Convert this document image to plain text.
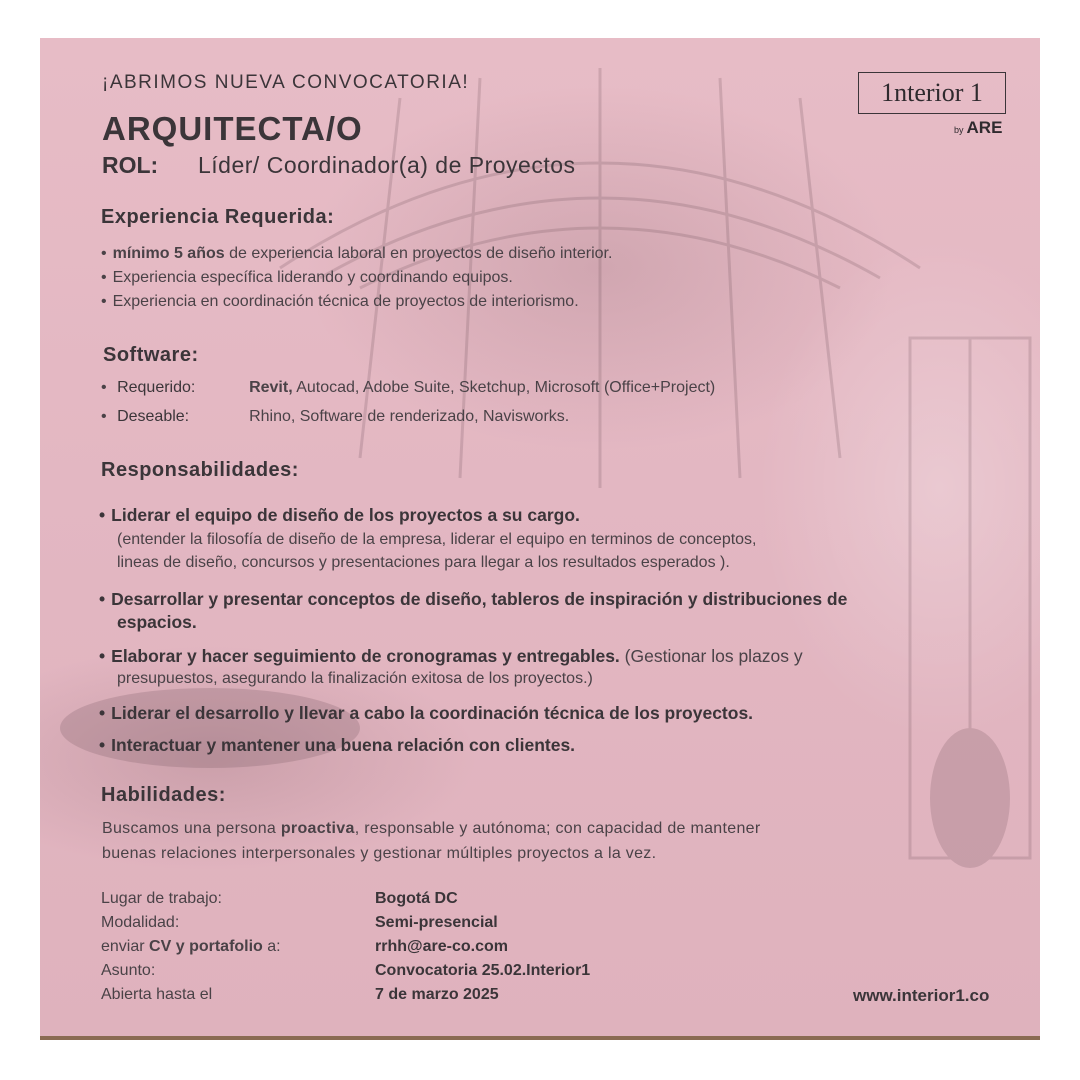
¡ABRIMOS NUEVA CONVOCATORIA!
ARQUITECTA/O
ROL: Líder/ Coordinador(a) de Proyectos
1nterior 1
by ARE
Experiencia Requerida:
• mínimo 5 años de experiencia laboral en proyectos de diseño interior.
• Experiencia específica liderando y coordinando equipos.
• Experiencia en coordinación técnica de proyectos de interiorismo.
Software:
• Requerido:	Revit, Autocad, Adobe Suite, Sketchup, Microsoft (Office+Project)
• Deseable:	Rhino, Software de renderizado, Navisworks.
Responsabilidades:
• Liderar el equipo de diseño de los proyectos a su cargo.
(entender la filosofía de diseño de la empresa, liderar el equipo en terminos de conceptos,
lineas de diseño, concursos y presentaciones para llegar a los resultados esperados ).
• Desarrollar y presentar conceptos de diseño, tableros de inspiración y distribuciones de
espacios.
• Elaborar y hacer seguimiento de cronogramas y entregables. (Gestionar los plazos y
presupuestos, asegurando la finalización exitosa de los proyectos.)
• Liderar el desarrollo y llevar a cabo la coordinación técnica de los proyectos.
• Interactuar y mantener una buena relación con clientes.
Habilidades:
Buscamos una persona proactiva, responsable y autónoma; con capacidad de mantener
buenas relaciones interpersonales y gestionar múltiples proyectos a la vez.
Lugar de trabajo:	Bogotá DC
Modalidad:	Semi-presencial
enviar CV y portafolio a:	rrhh@are-co.com
Asunto:	Convocatoria 25.02.Interior1
Abierta hasta el	7 de marzo 2025	www.interior1.co
